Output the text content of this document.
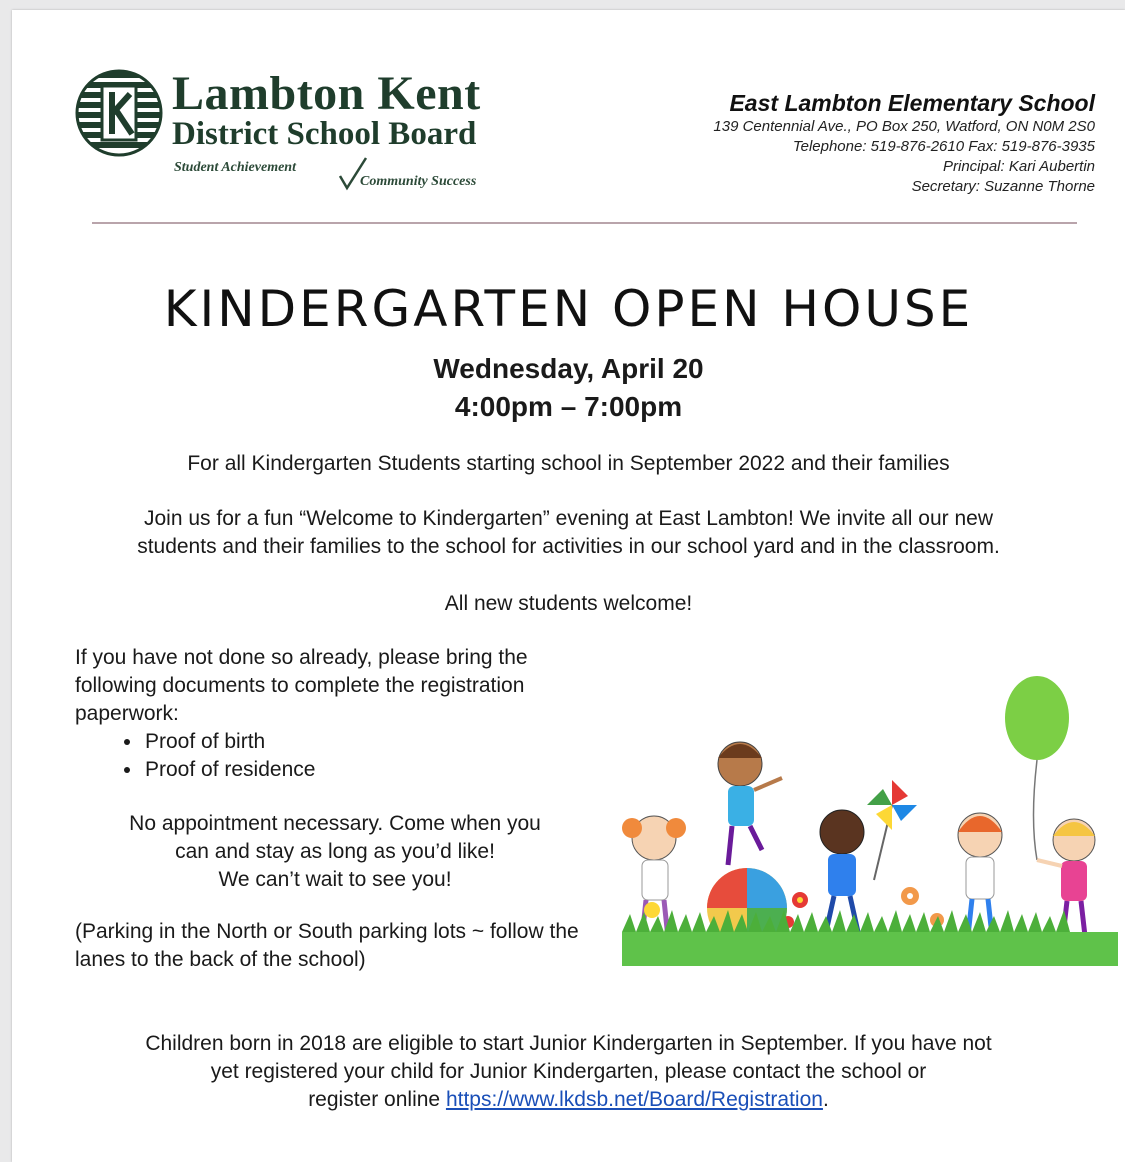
Lambton Kent
District School Board
Student Achievement
Community Success
East Lambton Elementary School
139 Centennial Ave., PO Box 250, Watford, ON N0M 2S0
Telephone: 519-876-2610 Fax: 519-876-3935
Principal: Kari Aubertin
Secretary: Suzanne Thorne
KINDERGARTEN OPEN HOUSE
Wednesday, April 20
4:00pm – 7:00pm
For all Kindergarten Students starting school in September 2022 and their families
Join us for a fun “Welcome to Kindergarten” evening at East Lambton! We invite all our new
students and their families to the school for activities in our school yard and in the classroom.
All new students welcome!
If you have not done so already, please bring the following documents to complete the registration paperwork:
• Proof of birth
• Proof of residence
No appointment necessary. Come when you
can and stay as long as you’d like!
We can’t wait to see you!
(Parking in the North or South parking lots ~ follow the lanes to the back of the school)
Children born in 2018 are eligible to start Junior Kindergarten in September. If you have not
yet registered your child for Junior Kindergarten, please contact the school or
register online https://www.lkdsb.net/Board/Registration.
